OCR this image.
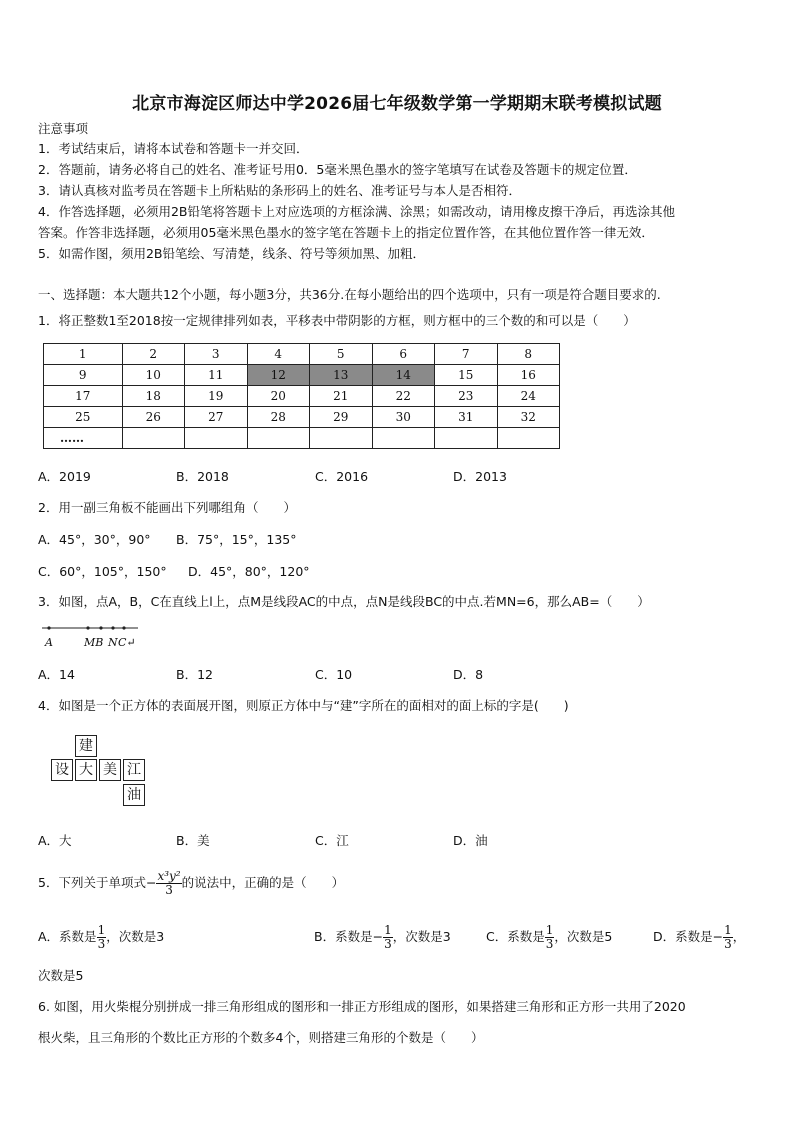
北京市海淀区师达中学2026届七年级数学第一学期期末联考模拟试题
注意事项
1．考试结束后，请将本试卷和答题卡一并交回．
2．答题前，请务必将自己的姓名、准考证号用0．5毫米黑色墨水的签字笔填写在试卷及答题卡的规定位置．
3．请认真核对监考员在答题卡上所粘贴的条形码上的姓名、准考证号与本人是否相符．
4．作答选择题，必须用2B铅笔将答题卡上对应选项的方框涂满、涂黑；如需改动，请用橡皮擦干净后，再选涂其他
答案。作答非选择题，必须用05毫米黑色墨水的签字笔在答题卡上的指定位置作答，在其他位置作答一律无效．
5．如需作图，须用2B铅笔绘、写清楚，线条、符号等须加黑、加粗．
一、选择题：本大题共12个小题，每小题3分，共36分.在每小题给出的四个选项中，只有一项是符合题目要求的.
1．将正整数1至2018按一定规律排列如表，平移表中带阴影的方框，则方框中的三个数的和可以是（　　）
1	2	3	4	5	6	7	8
9	10	11	12	13	14	15	16
17	18	19	20	21	22	23	24
25	26	27	28	29	30	31	32
……							
A．2019	B．2018	C．2016	D．2013
2．用一副三角板不能画出下列哪组角（　　）
A．45°，30°，90° B．75°，15°，135°
C．60°，105°，150° D．45°，80°，120°
3．如图，点A，B，C在直线上l上，点M是线段AC的中点，点N是线段BC的中点.若MN=6，那么AB=（　　）
A	MB N C↵
A．14	B．12	C．10	D．8
4．如图是一个正方体的表面展开图，则原正方体中与“建”字所在的面相对的面上标的字是(　　)
建
设 大 美 江
油
A．大	B．美	C．江	D．油
5．下列关于单项式− $\frac{\text{x³y²}}{3}$ 的说法中，正确的是（　　）
A．系数是 $\frac{1}{3}$ ，次数是3	B．系数是− $\frac{1}{3}$ ，次数是3	C．系数是 $\frac{1}{3}$ ，次数是5	D．系数是− $\frac{1}{3}$ ，
次数是5
6. 如图，用火柴棍分别拼成一排三角形组成的图形和一排正方形组成的图形，如果搭建三角形和正方形一共用了2020
根火柴，且三角形的个数比正方形的个数多4个，则搭建三角形的个数是（　　）
